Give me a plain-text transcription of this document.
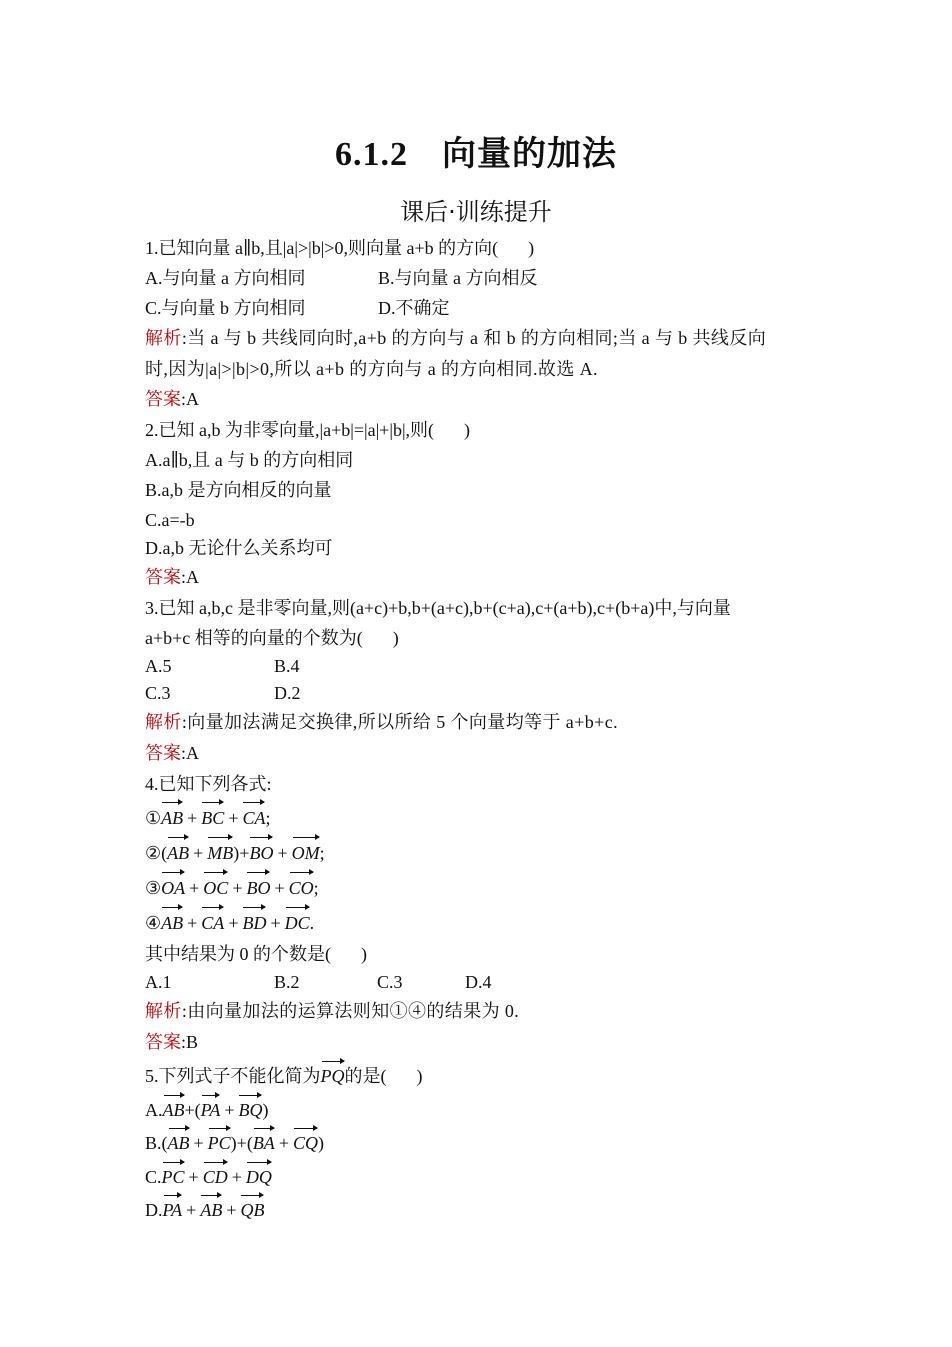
6.1.2 向量的加法
课后·训练提升
1.已知向量 a∥b,且|a|>|b|>0,则向量 a+b 的方向( )
A.与向量 a 方向相同	B.与向量 a 方向相反
C.与向量 b 方向相同	D.不确定
解析:当 a 与 b 共线同向时,a+b 的方向与 a 和 b 的方向相同;当 a 与 b 共线反向
时,因为|a|>|b|>0,所以 a+b 的方向与 a 的方向相同.故选 A.
答案:A
2.已知 a,b 为非零向量,|a+b|=|a|+|b|,则( )
A.a∥b,且 a 与 b 的方向相同
B.a,b 是方向相反的向量
C.a=-b
D.a,b 无论什么关系均可
答案:A
3.已知 a,b,c 是非零向量,则(a+c)+b,b+(a+c),b+(c+a),c+(a+b),c+(b+a)中,与向量
a+b+c 相等的向量的个数为( )
A.5	B.4
C.3	D.2
解析:向量加法满足交换律,所以所给 5 个向量均等于 a+b+c.
答案:A
4.已知下列各式:
①AB + BC + CA;
②(AB + MB)+BO + OM;
③OA + OC + BO + CO;
④AB + CA + BD + DC.
其中结果为 0 的个数是( )
A.1	B.2	C.3	D.4
解析:由向量加法的运算法则知①④的结果为 0.
答案:B
5.下列式子不能化简为PQ的是( )
A.AB+(PA + BQ)
B.(AB + PC)+(BA + CQ)
C.PC + CD + DQ
D.PA + AB + QB
